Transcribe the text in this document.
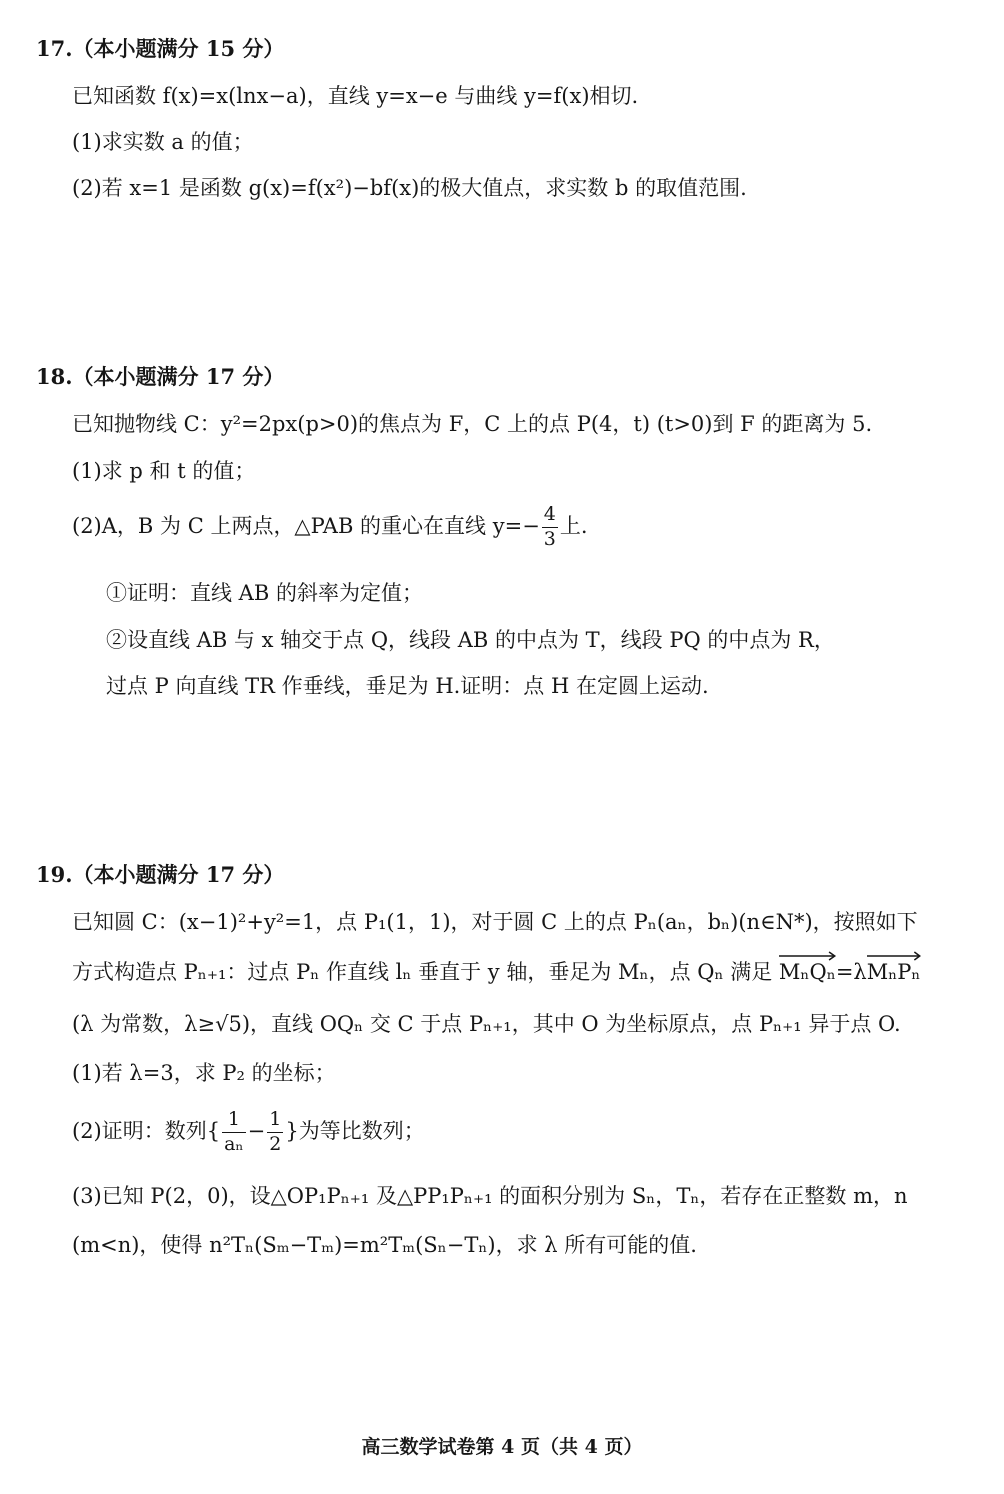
17.（本小题满分 15 分）
已知函数 f(x)=x(lnx−a)，直线 y=x−e 与曲线 y=f(x)相切.
(1)求实数 a 的值；
(2)若 x=1 是函数 g(x)=f(x²)−bf(x)的极大值点，求实数 b 的取值范围.
18.（本小题满分 17 分）
已知抛物线 C：y²=2px(p>0)的焦点为 F，C 上的点 P(4，t) (t>0)到 F 的距离为 5.
(1)求 p 和 t 的值；
(2)A，B 为 C 上两点，△PAB 的重心在直线 $y=- \frac{4}{3}$ 上.
①证明：直线 AB 的斜率为定值；
②设直线 AB 与 x 轴交于点 Q，线段 AB 的中点为 T，线段 PQ 的中点为 R，
过点 P 向直线 TR 作垂线，垂足为 H.证明：点 H 在定圆上运动.
19.（本小题满分 17 分）
已知圆 C：(x−1)²+y²=1，点 P₁(1，1)，对于圆 C 上的点 Pₙ(aₙ，bₙ)(n∈N*)，按照如下
方式构造点 Pₙ₊₁：过点 Pₙ 作直线 lₙ 垂直于 y 轴，垂足为 Mₙ，点 Qₙ 满足
MₙQₙ=λ
MₙPₙ
(λ 为常数，λ≥√5)，直线 OQₙ 交 C 于点 Pₙ₊₁，其中 O 为坐标原点，点 Pₙ₊₁ 异于点 O.
(1)若 λ=3，求 P₂ 的坐标；
(2)证明：数列{ $\frac{1}{\text{aₙ}} - \frac{1}{2}$ }为等比数列；
(3)已知 P(2，0)，设△OP₁Pₙ₊₁ 及△PP₁Pₙ₊₁ 的面积分别为 Sₙ，Tₙ，若存在正整数 m，n
(m<n)，使得 n²Tₙ(Sₘ−Tₘ)=m²Tₘ(Sₙ−Tₙ)，求 λ 所有可能的值.
高三数学试卷第 4 页（共 4 页）
